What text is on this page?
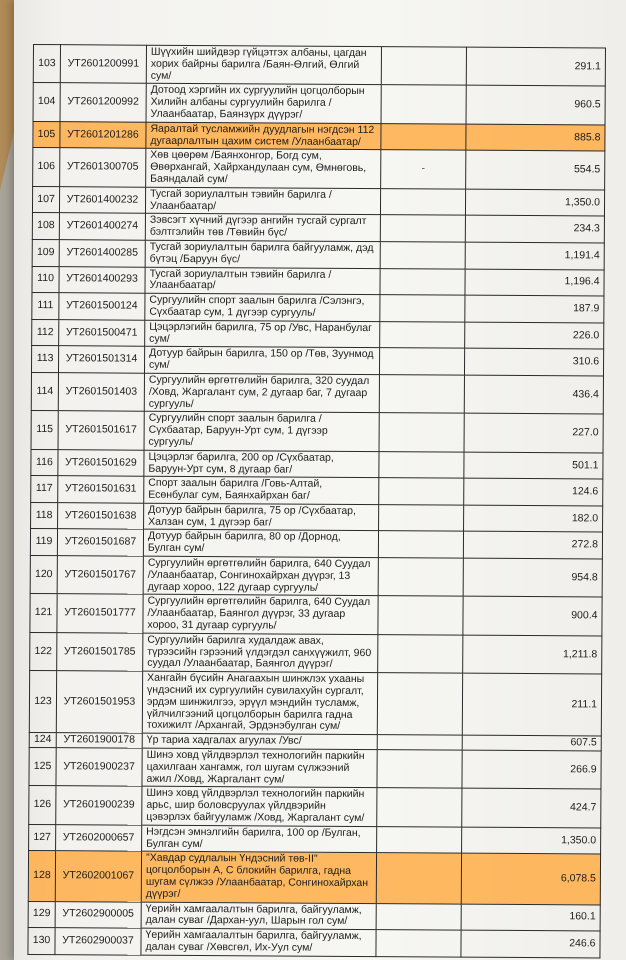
103	УТ2601200991	Шүүхийн шийдвэр гүйцэтгэх албаны, цагдан хорих байрны барилга /Баян-Өлгий, Өлгий сум/		291.1
104	УТ2601200992	Дотоод хэргийн их сургуулийн цогцолборын Хилийн албаны сургуулийн барилга /Улаанбаатар, Баянзүрх дүүрэг/		960.5
105	УТ2601201286	Яаралтай тусламжийн дуудлагын нэгдсэн 112 дугаарлалтын цахим систем /Улаанбаатар/		885.8
106	УТ2601300705	Хөв цөөрөм /Баянхонгор, Богд сум, Өвөрхангай, Хайрхандулаан сум, Өмнөговь, Баяндалай сум/	-	554.5
107	УТ2601400232	Тусгай зориулалтын тэвийн барилга /Улаанбаатар/		1,350.0
108	УТ2601400274	Зэвсэгт хүчний дүгээр ангийн тусгай сургалт бэлтгэлийн төв /Төвийн бүс/		234.3
109	УТ2601400285	Тусгай зориулалтын барилга байгууламж, дэд бүтэц /Баруун бүс/		1,191.4
110	УТ2601400293	Тусгай зориулалтын тэвийн барилга /Улаанбаатар/		1,196.4
111	УТ2601500124	Сургуулийн спорт заалын барилга /Сэлэнгэ, Сүхбаатар сум, 1 дүгээр сургууль/		187.9
112	УТ2601500471	Цэцэрлэгийн барилга, 75 ор /Увс, Наранбулаг сум/		226.0
113	УТ2601501314	Дотуур байрын барилга, 150 ор /Төв, Зуунмод сум/		310.6
114	УТ2601501403	Сургуулийн өргөтгөлийн барилга, 320 суудал /Ховд, Жаргалант сум, 2 дугаар баг, 7 дугаар сургууль/		436.4
115	УТ2601501617	Сургуулийн спорт заалын барилга /Сүхбаатар, Баруун-Урт сум, 1 дүгээр сургууль/		227.0
116	УТ2601501629	Цэцэрлэг барилга, 200 ор /Сүхбаатар, Баруун-Урт сум, 8 дугаар баг/		501.1
117	УТ2601501631	Спорт заалын барилга /Говь-Алтай, Есөнбулаг сум, Баянхайрхан баг/		124.6
118	УТ2601501638	Дотуур байрын барилга, 75 ор /Сүхбаатар, Халзан сум, 1 дүгээр баг/		182.0
119	УТ2601501687	Дотуур байрын барилга, 80 ор /Дорнод, Булган сум/		272.8
120	УТ2601501767	Сургуулийн өргөтгөлийн барилга, 640 Суудал /Улаанбаатар, Сонгинохайрхан дүүрэг, 13 дугаар хороо, 122 дугаар сургууль/		954.8
121	УТ2601501777	Сургуулийн өргөтгөлийн барилга, 640 Суудал /Улаанбаатар, Баянгол дүүрэг, 33 дугаар хороо, 31 дугаар сургууль/		900.4
122	УТ2601501785	Сургуулийн барилга худалдаж авах, түрээсийн гэрээний үлдэгдэл санхүүжилт, 960 суудал /Улаанбаатар, Баянгол дүүрэг/		1,211.8
123	УТ2601501953	Хангайн бүсийн Анагаахын шинжлэх ухааны үндэсний их сургуулийн сувилахуйн сургалт, эрдэм шинжилгээ, эрүүл мэндийн тусламж, үйлчилгээний цогцолборын барилга гадна тохижилт /Архангай, Эрдэнэбулган сум/		211.1
124	УТ2601900178	Үр тариа хадгалах агуулах /Увс/		607.5
125	УТ2601900237	Шинэ ховд үйлдвэрлэл технологийн паркийн цахилгаан хангамж, гол шугам сүлжээний ажил /Ховд, Жаргалант сум/		266.9
126	УТ2601900239	Шинэ ховд үйлдвэрлэл технологийн паркийн арьс, шир боловсруулах үйлдвэрийн цэвэрлэх байгууламж /Ховд, Жаргалант сум/		424.7
127	УТ2602000657	Нэгдсэн эмнэлгийн барилга, 100 ор /Булган, Булган сум/		1,350.0
128	УТ2602001067	"Хавдар судлалын Үндэсний төв-II" цогцолборын А, С блокийн барилга, гадна шугам сүлжээ /Улаанбаатар, Сонгинохайрхан дүүрэг/		6,078.5
129	УТ2602900005	Үерийн хамгаалалтын барилга, байгууламж, далан суваг /Дархан-уул, Шарын гол сум/		160.1
130	УТ2602900037	Үерийн хамгаалалтын барилга, байгууламж, далан суваг /Хөвсгөл, Их-Уул сум/		246.6
